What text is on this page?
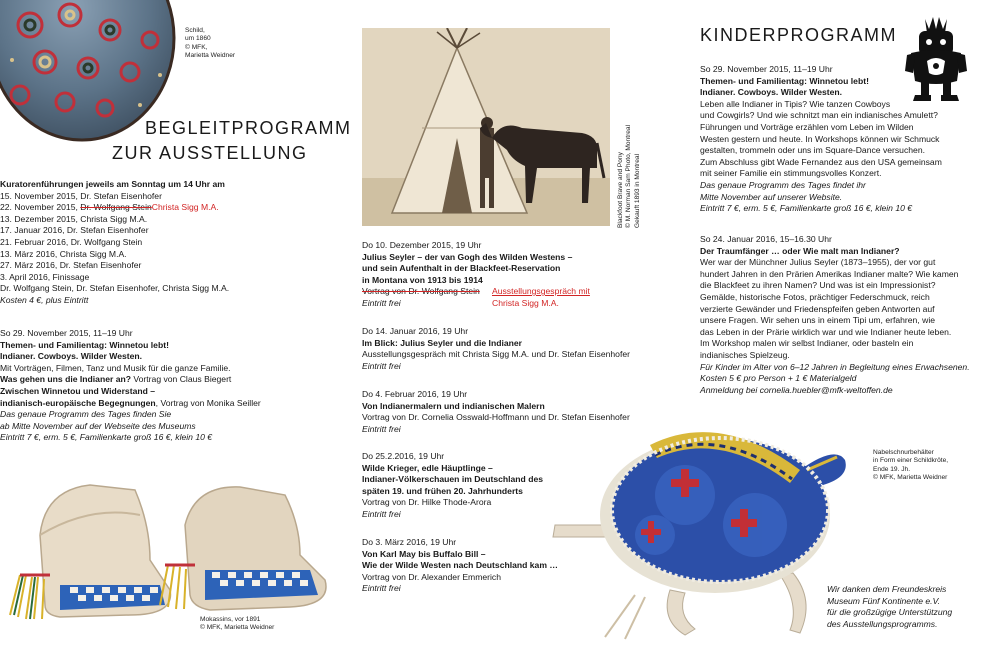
Schild,
um 1860
© MFK,
Marietta Weidner
BEGLEITPROGRAMM
ZUR AUSSTELLUNG
Kuratorenführungen jeweils am Sonntag um 14 Uhr am
15. November 2015, Dr. Stefan Eisenhofer
22. November 2015, Dr. Wolfgang SteinChrista Sigg M.A.
13. Dezember 2015, Christa Sigg M.A.
17. Januar 2016, Dr. Stefan Eisenhofer
21. Februar 2016, Dr. Wolfgang Stein
13. März 2016, Christa Sigg M.A.
27. März 2016, Dr. Stefan Eisenhofer
3. April 2016, Finissage
Dr. Wolfgang Stein, Dr. Stefan Eisenhofer, Christa Sigg M.A.
Kosten 4 €, plus Eintritt
So 29. November 2015, 11–19 Uhr
Themen- und Familientag: Winnetou lebt!
Indianer. Cowboys. Wilder Westen.
Mit Vorträgen, Filmen, Tanz und Musik für die ganze Familie.
Was gehen uns die Indianer an? Vortrag von Claus Biegert
Zwischen Winnetou und Widerstand –
indianisch-europäische Begegnungen, Vortrag von Monika Seiller
Das genaue Programm des Tages finden Sie
ab Mitte November auf der Webseite des Museums
Eintritt 7 €, erm. 5 €, Familienkarte groß 16 €, klein 10 €
Mokassins, vor 1891
© MFK, Marietta Weidner
Blackfoot Brave and Pony © M. Norman Sam Photo, Montreal Gekauft 1893 in Montreal
Do 10. Dezember 2015, 19 Uhr
Julius Seyler – der van Gogh des Wilden Westens –
und sein Aufenthalt in der Blackfeet-Reservation
in Montana von 1913 bis 1914
Vortrag von Dr. Wolfgang Stein
Eintritt frei
Ausstellungsgespräch mit
Christa Sigg M.A.
Do 14. Januar 2016, 19 Uhr
Im Blick: Julius Seyler und die Indianer
Ausstellungsgespräch mit Christa Sigg M.A. und Dr. Stefan Eisenhofer
Eintritt frei
Do 4. Februar 2016, 19 Uhr
Von Indianermalern und indianischen Malern
Vortrag von Dr. Cornelia Osswald-Hoffmann und Dr. Stefan Eisenhofer
Eintritt frei
Do 25.2.2016, 19 Uhr
Wilde Krieger, edle Häuptlinge –
Indianer-Völkerschauen im Deutschland des
späten 19. und frühen 20. Jahrhunderts
Vortrag von Dr. Hilke Thode-Arora
Eintritt frei
Do 3. März 2016, 19 Uhr
Von Karl May bis Buffalo Bill –
Wie der Wilde Westen nach Deutschland kam …
Vortrag von Dr. Alexander Emmerich
Eintritt frei
KINDERPROGRAMM
So 29. November 2015, 11–19 Uhr
Themen- und Familientag: Winnetou lebt!
Indianer. Cowboys. Wilder Westen.
Leben alle Indianer in Tipis? Wie tanzen Cowboys
und Cowgirls? Und wie schnitzt man ein indianisches Amulett?
Führungen und Vorträge erzählen vom Leben im Wilden
Westen gestern und heute. In Workshops können wir Schmuck
gestalten, trommeln oder uns im Square-Dance versuchen.
Zum Abschluss gibt Wade Fernandez aus den USA gemeinsam
mit seiner Familie ein stimmungsvolles Konzert.
Das genaue Programm des Tages findet ihr
Mitte November auf unserer Website.
Eintritt 7 €, erm. 5 €, Familienkarte groß 16 €, klein 10 €
So 24. Januar 2016, 15–16.30 Uhr
Der Traumfänger … oder Wie malt man Indianer?
Wer war der Münchner Julius Seyler (1873–1955), der vor gut
hundert Jahren in den Prärien Amerikas Indianer malte? Wie kamen
die Blackfeet zu ihren Namen? Und was ist ein Impressionist?
Gemälde, historische Fotos, prächtiger Federschmuck, reich
verzierte Gewänder und Friedenspfeifen geben Antworten auf
unsere Fragen. Wir sehen uns in einem Tipi um, erfahren, wie
das Leben in der Prärie wirklich war und wie Indianer heute leben.
Im Workshop malen wir selbst Indianer, oder basteln ein
indianisches Spielzeug.
Für Kinder im Alter von 6–12 Jahren in Begleitung eines Erwachsenen.
Kosten 5 € pro Person + 1 € Materialgeld
Anmeldung bei cornelia.huebler@mfk-weltoffen.de
Nabelschnurbehälter
in Form einer Schildkröte,
Ende 19. Jh.
© MFK, Marietta Weidner
Wir danken dem Freundeskreis
Museum Fünf Kontinente e.V.
für die großzügige Unterstützung
des Ausstellungsprogramms.
